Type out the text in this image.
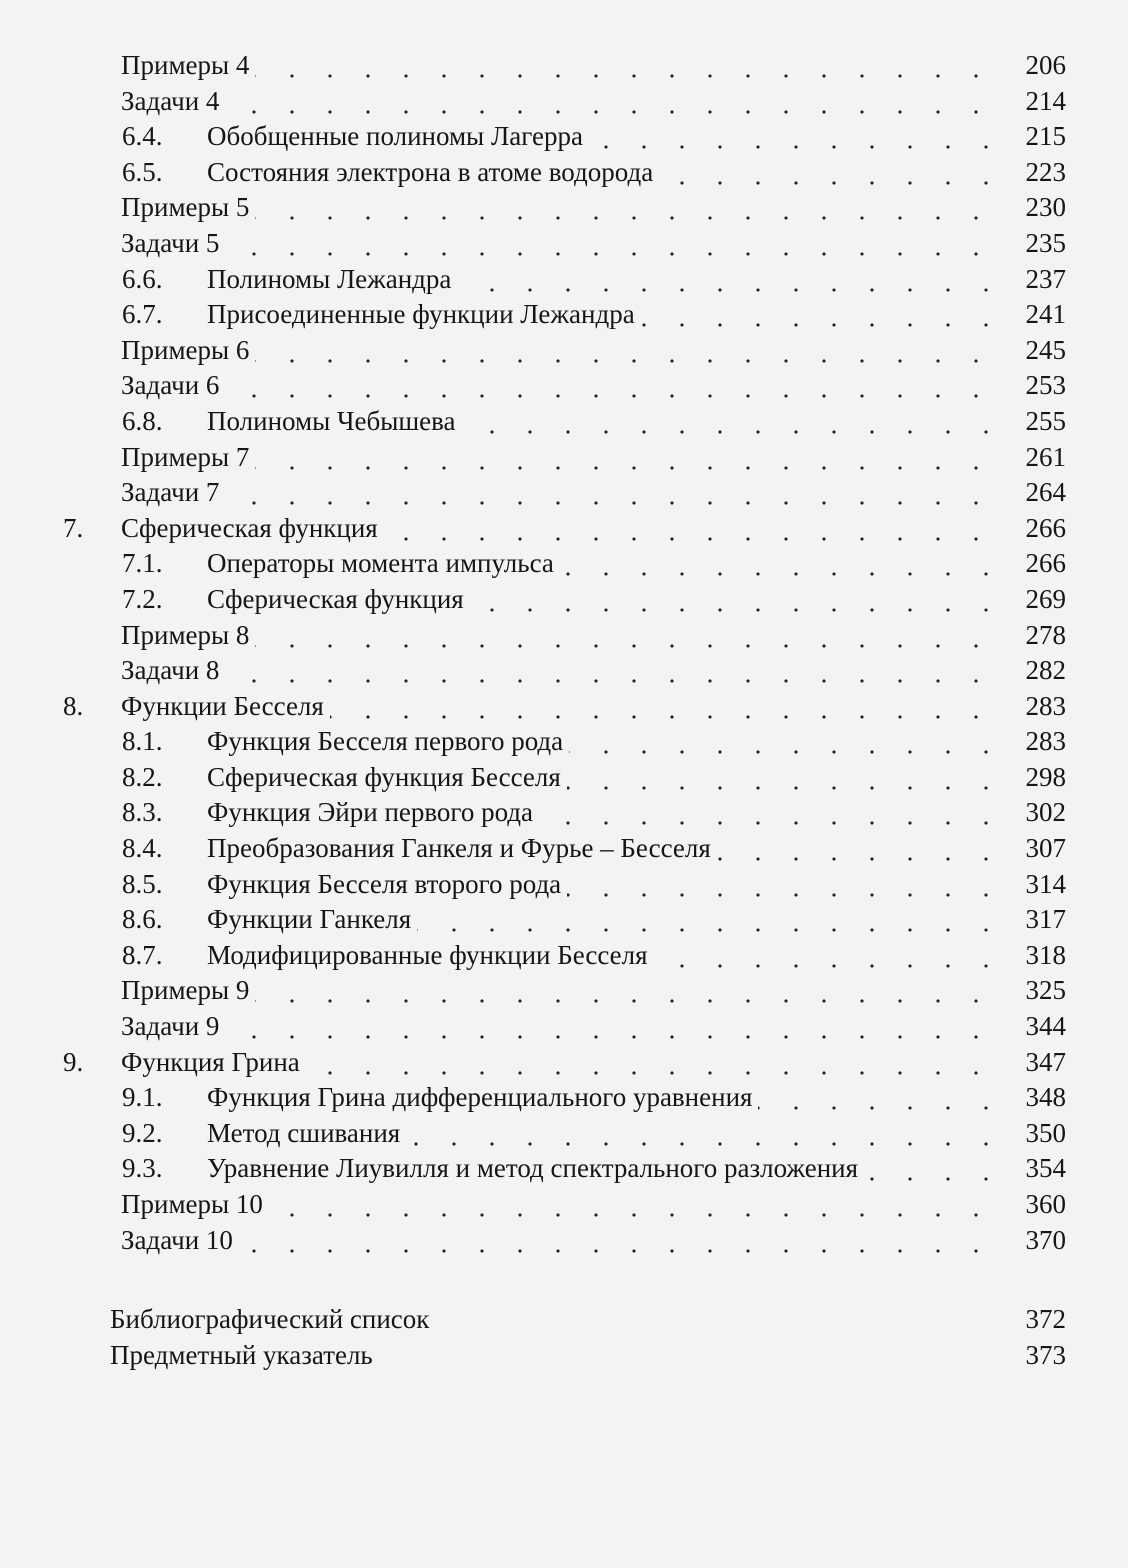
Примеры 4	206
Задачи 4	214
6.4. Обобщенные полиномы Лагерра	215
6.5. Состояния электрона в атоме водорода	223
Примеры 5	230
Задачи 5	235
6.6. Полиномы Лежандра	237
6.7. Присоединенные функции Лежандра	241
Примеры 6	245
Задачи 6	253
6.8. Полиномы Чебышева	255
Примеры 7	261
Задачи 7	264
7. Сферическая функция	266
7.1. Операторы момента импульса	266
7.2. Сферическая функция	269
Примеры 8	278
Задачи 8	282
8. Функции Бесселя	283
8.1. Функция Бесселя первого рода	283
8.2. Сферическая функция Бесселя	298
8.3. Функция Эйри первого рода	302
8.4. Преобразования Ганкеля и Фурье – Бесселя	307
8.5. Функция Бесселя второго рода	314
8.6. Функции Ганкеля	317
8.7. Модифицированные функции Бесселя	318
Примеры 9	325
Задачи 9	344
9. Функция Грина	347
9.1. Функция Грина дифференциального уравнения	348
9.2. Метод сшивания	350
9.3. Уравнение Лиувилля и метод спектрального разложения	354
Примеры 10	360
Задачи 10	370
Библиографический список	372
Предметный указатель	373
